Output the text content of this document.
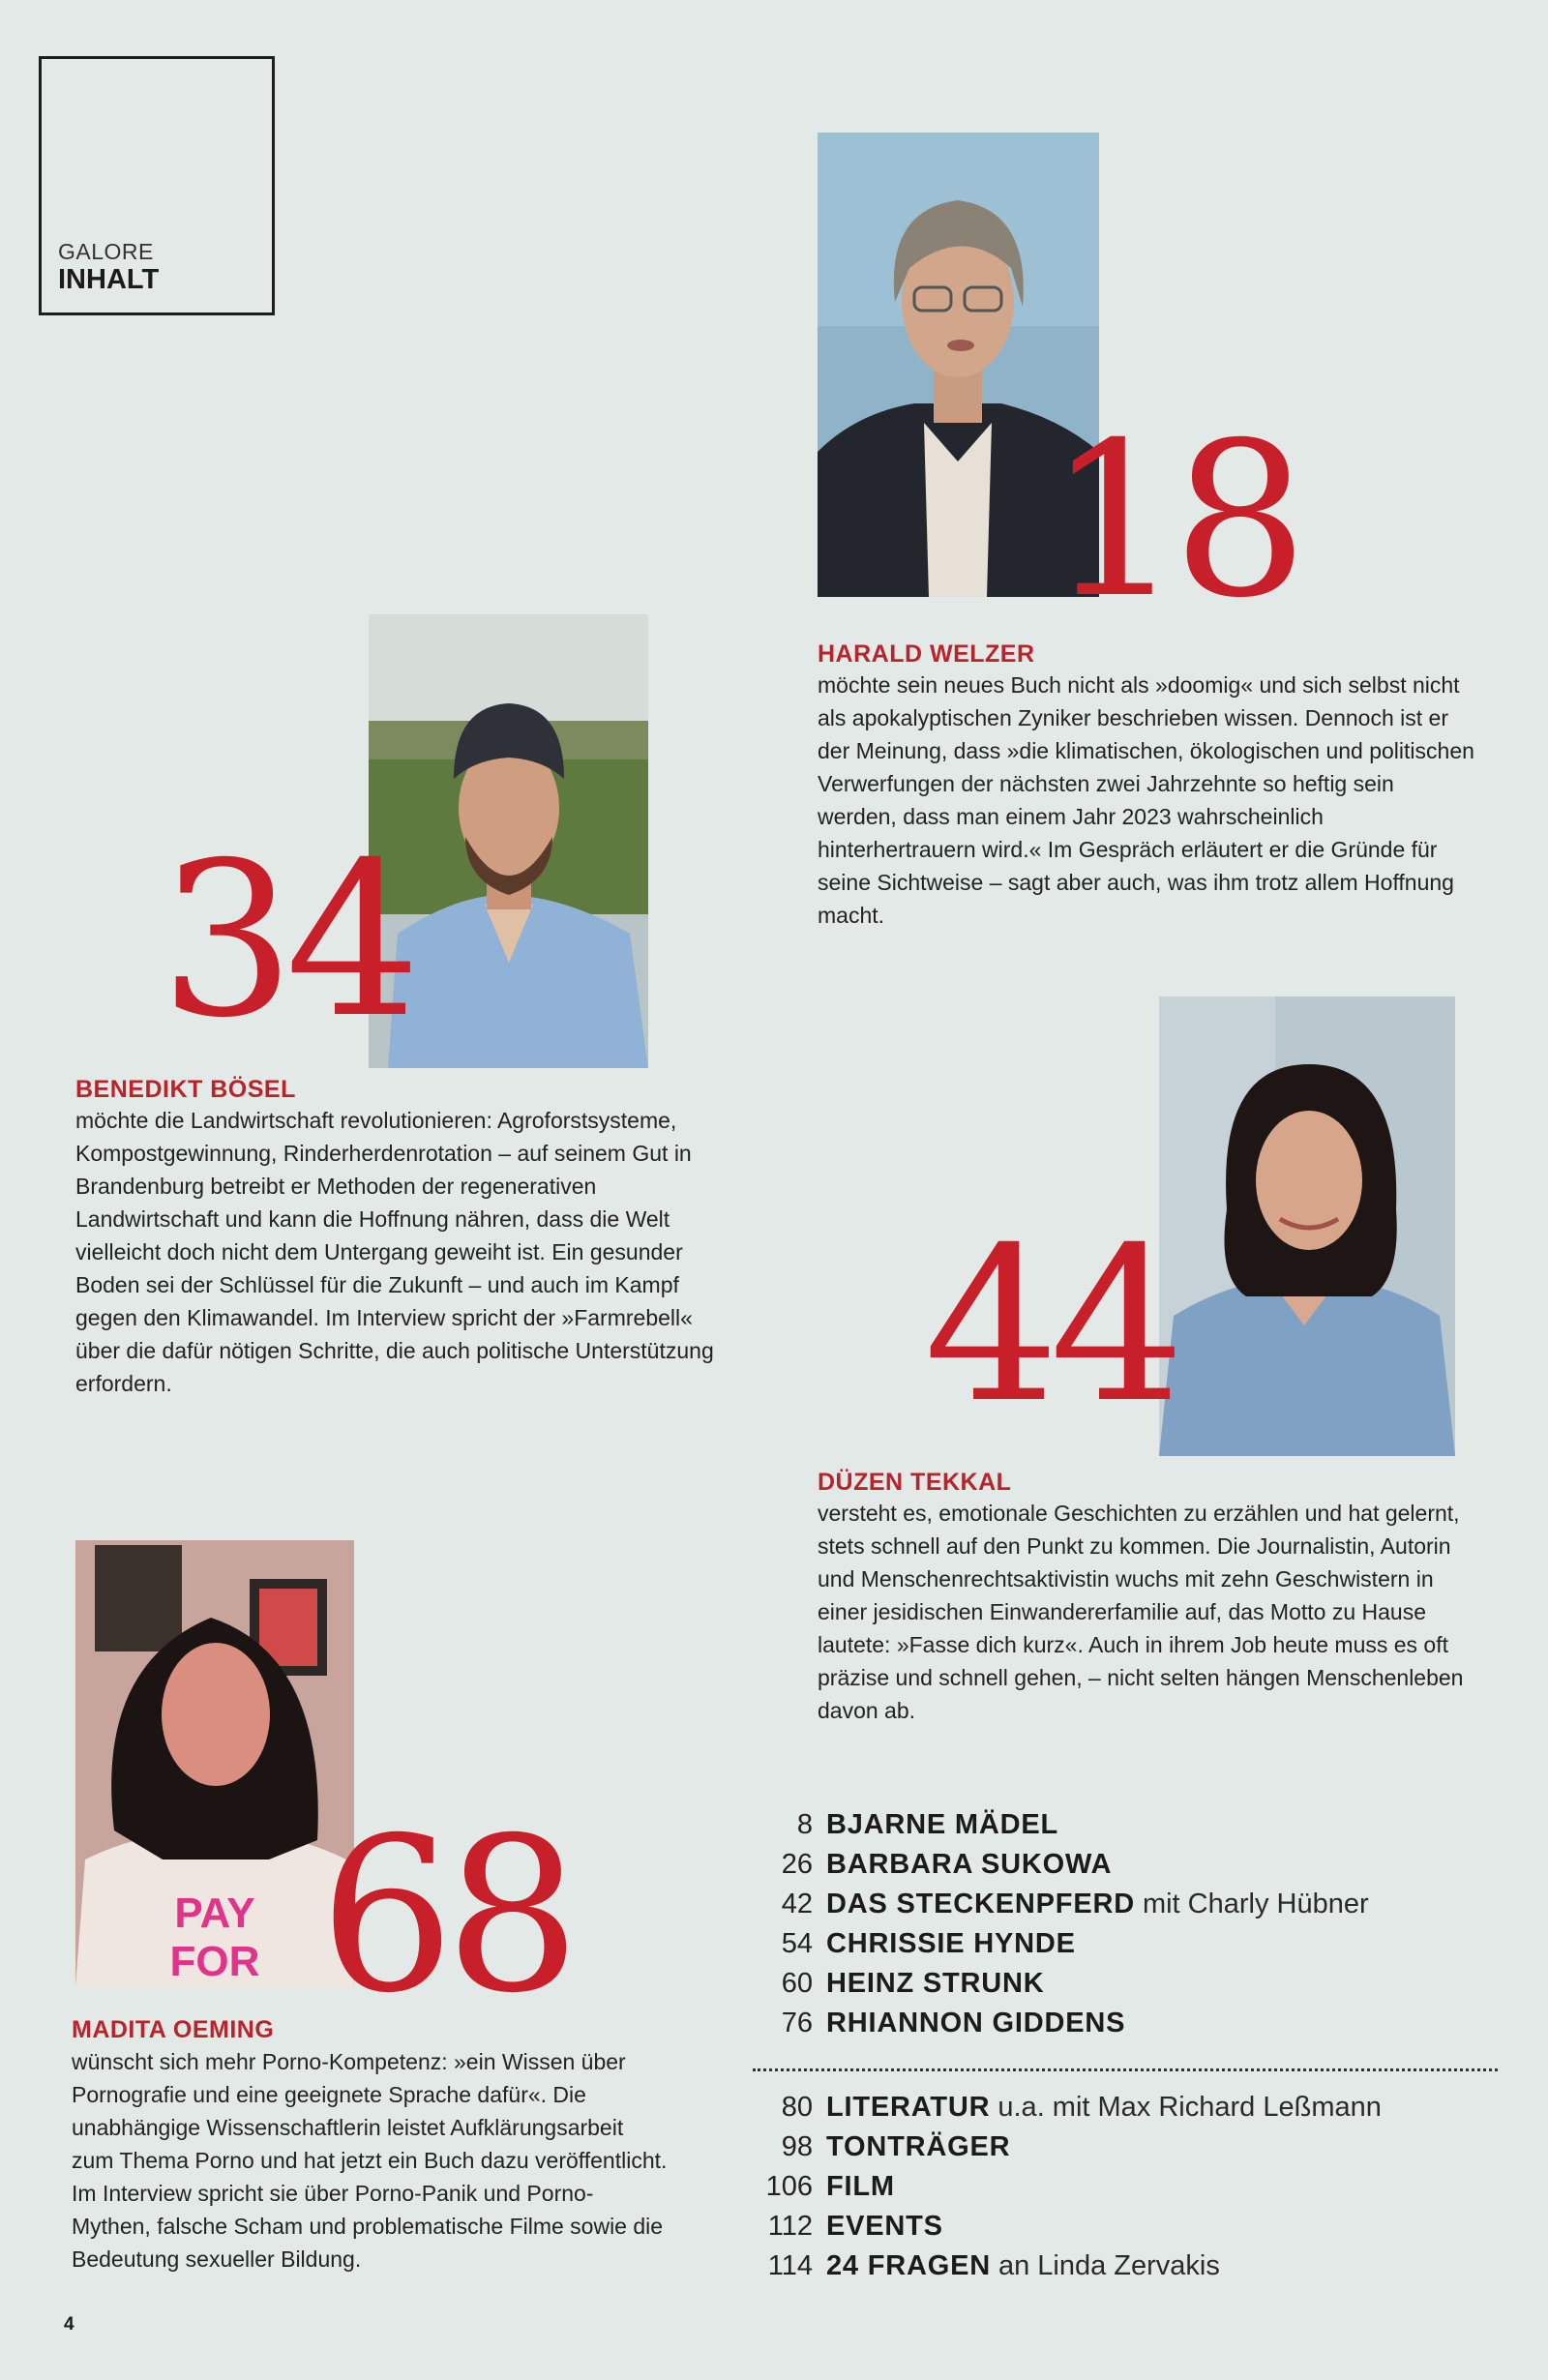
GALORE
INHALT
18
HARALD WELZER
möchte sein neues Buch nicht als »doomig« und sich selbst nicht als apokalyptischen Zyniker beschrieben wissen. Dennoch ist er der Meinung, dass »die klimatischen, ökologischen und politischen Verwerfungen der nächsten zwei Jahrzehnte so heftig sein werden, dass man einem Jahr 2023 wahrscheinlich hinterhertrauern wird.« Im Gespräch erläutert er die Gründe für seine Sichtweise – sagt aber auch, was ihm trotz allem Hoffnung macht.
34
BENEDIKT BÖSEL
möchte die Landwirtschaft revolutionieren: Agroforstsysteme, Kompostgewinnung, Rinderherdenrotation – auf seinem Gut in Brandenburg betreibt er Methoden der regenerativen Landwirtschaft und kann die Hoffnung nähren, dass die Welt vielleicht doch nicht dem Untergang geweiht ist. Ein gesunder Boden sei der Schlüssel für die Zukunft – und auch im Kampf gegen den Klimawandel. Im Interview spricht der »Farmrebell« über die dafür nötigen Schritte, die auch politische Unterstützung erfordern.	44
DÜZEN TEKKAL
versteht es, emotionale Geschichten zu erzählen und hat gelernt, stets schnell auf den Punkt zu kommen. Die Journalistin, Autorin und Menschenrechtsaktivistin wuchs mit zehn Geschwistern in einer jesidischen Einwandererfamilie auf, das Motto zu Hause lautete: »Fasse dich kurz«. Auch in ihrem Job heute muss es oft präzise und schnell gehen, – nicht selten hängen Menschenleben davon ab.
PAY
FOR 68
MADITA OEMING
wünscht sich mehr Porno-Kompetenz: »ein Wissen über Pornografie und eine geeignete Sprache dafür«. Die unabhängige Wissenschaftlerin leistet Aufklärungsarbeit zum Thema Porno und hat jetzt ein Buch dazu veröffentlicht. Im Interview spricht sie über Porno-Panik und Porno-Mythen, falsche Scham und problematische Filme sowie die Bedeutung sexueller Bildung.
8 BJARNE MÄDEL
26 BARBARA SUKOWA
42 DAS STECKENPFERD mit Charly Hübner
54 CHRISSIE HYNDE
60 HEINZ STRUNK
76 RHIANNON GIDDENS
80 LITERATUR u.a. mit Max Richard Leßmann
98 TONTRÄGER
106 FILM
112 EVENTS
114 24 FRAGEN an Linda Zervakis
4
